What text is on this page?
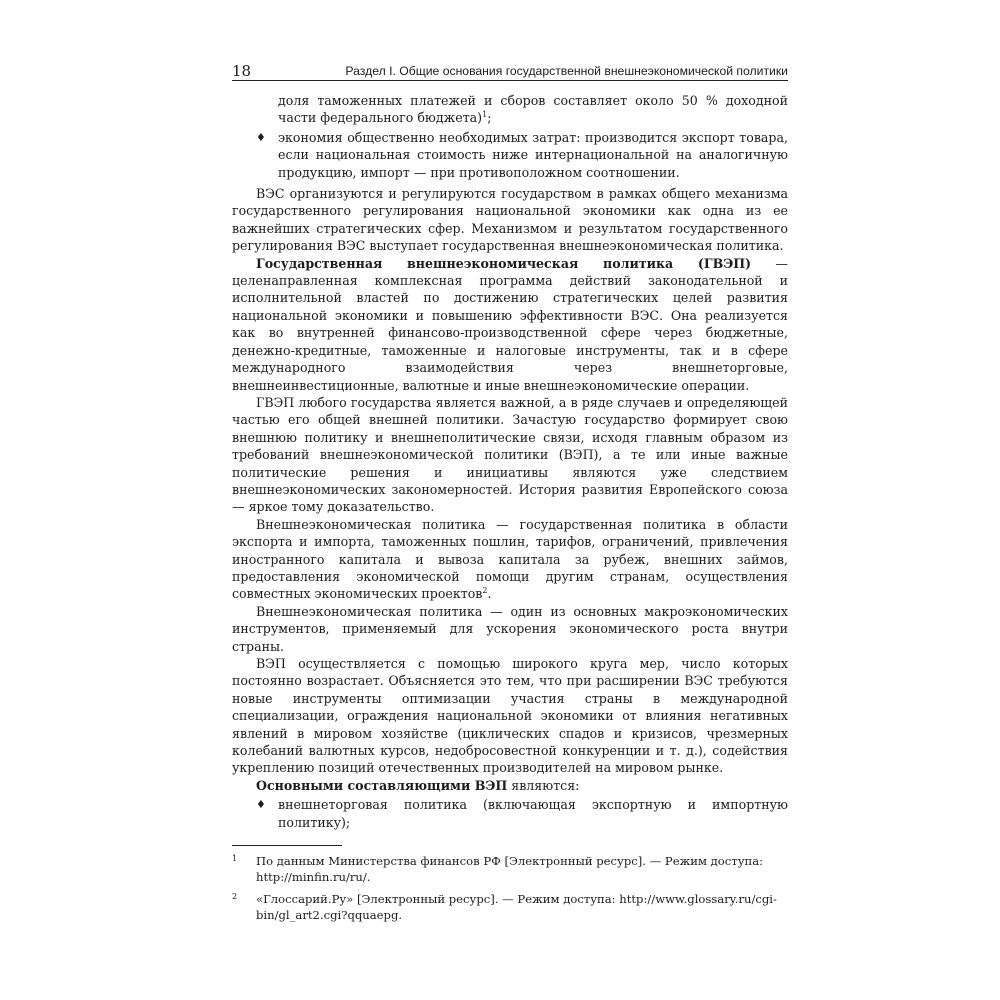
18	Раздел I. Общие основания государственной внешнеэкономической политики

доля таможенных платежей и сборов составляет около 50 % доходной части федерального бюджета)$^1$;

♦ экономия общественно необходимых затрат: производится экспорт товара, если национальная стоимость ниже интернациональной на аналогичную продукцию, импорт — при противоположном соотношении.

ВЭС организуются и регулируются государством в рамках общего механизма государственного регулирования национальной экономики как одна из ее важнейших стратегических сфер. Механизмом и результатом государственного регулирования ВЭС выступает государственная внешнеэкономическая политика.

Государственная внешнеэкономическая политика (ГВЭП) — целенаправленная комплексная программа действий законодательной и исполнительной властей по достижению стратегических целей развития национальной экономики и повышению эффективности ВЭС. Она реализуется как во внутренней финансово-производственной сфере через бюджетные, денежно-кредитные, таможенные и налоговые инструменты, так и в сфере международного взаимодействия через внешнеторговые, внешнеинвестиционные, валютные и иные внешнеэкономические операции.

ГВЭП любого государства является важной, а в ряде случаев и определяющей частью его общей внешней политики. Зачастую государство формирует свою внешнюю политику и внешнеполитические связи, исходя главным образом из требований внешнеэкономической политики (ВЭП), а те или иные важные политические решения и инициативы являются уже следствием внешнеэкономических закономерностей. История развития Европейского союза — яркое тому доказательство.

Внешнеэкономическая политика — государственная политика в области экспорта и импорта, таможенных пошлин, тарифов, ограничений, привлечения иностранного капитала и вывоза капитала за рубеж, внешних займов, предоставления экономической помощи другим странам, осуществления совместных экономических проектов$^2$.

Внешнеэкономическая политика — один из основных макроэкономических инструментов, применяемый для ускорения экономического роста внутри страны.

ВЭП осуществляется с помощью широкого круга мер, число которых постоянно возрастает. Объясняется это тем, что при расширении ВЭС требуются новые инструменты оптимизации участия страны в международной специализации, ограждения национальной экономики от влияния негативных явлений в мировом хозяйстве (циклических спадов и кризисов, чрезмерных колебаний валютных курсов, недобросовестной конкуренции и т. д.), содействия укреплению позиций отечественных производителей на мировом рынке.

Основными составляющими ВЭП являются:

♦ внешнеторговая политика (включающая экспортную и импортную политику);
1 По данным Министерства финансов РФ [Электронный ресурс]. — Режим доступа: http://minfin.ru/ru/.
2 «Глоссарий.Ру» [Электронный ресурс]. — Режим доступа: http://www.glossary.ru/cgi-bin/gl_art2.cgi?qquaepg.
